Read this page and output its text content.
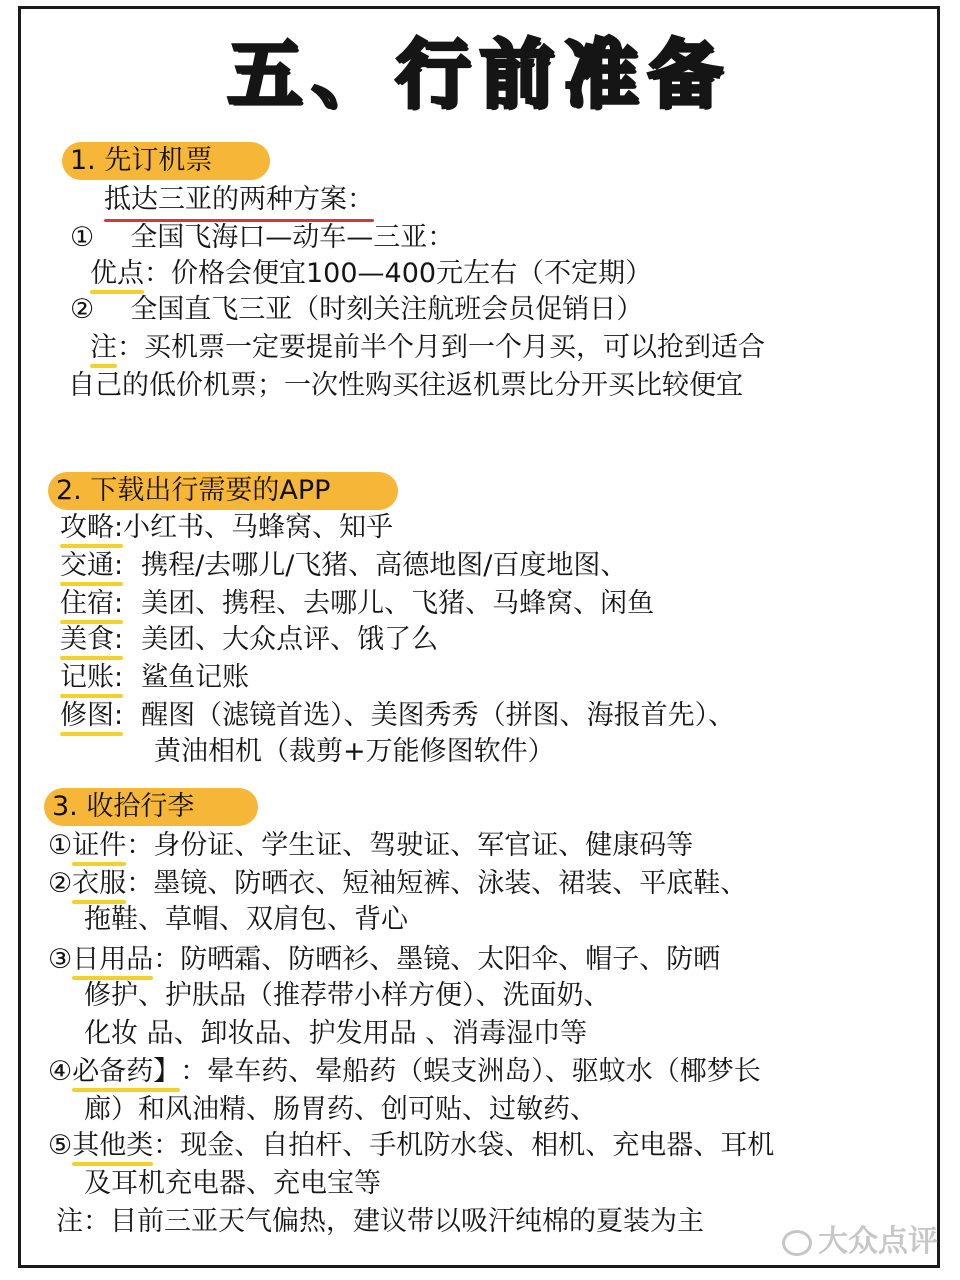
五、行前准备
1. 先订机票
抵达三亚的两种方案：
① 全国飞海口—动车—三亚：
优点：价格会便宜100—400元左右（不定期）
② 全国直飞三亚（时刻关注航班会员促销日）
注：买机票一定要提前半个月到一个月买，可以抢到适合
自己的低价机票；一次性购买往返机票比分开买比较便宜
2. 下载出行需要的APP
攻略:小红书、马蜂窝、知乎
交通: 携程/去哪儿/飞猪、高德地图/百度地图、
住宿: 美团、携程、去哪儿、飞猪、马蜂窝、闲鱼
美食: 美团、大众点评、饿了么
记账: 鲨鱼记账
修图: 醒图（滤镜首选）、美图秀秀（拼图、海报首先）、
黄油相机（裁剪+万能修图软件）
3. 收拾行李
①证件：身份证、学生证、驾驶证、军官证、健康码等
②衣服：墨镜、防晒衣、短袖短裤、泳装、裙装、平底鞋、
拖鞋、草帽、双肩包、背心
③日用品：防晒霜、防晒衫、墨镜、太阳伞、帽子、防晒
修护、护肤品（推荐带小样方便）、洗面奶、
化妆 品、卸妆品、护发用品 、消毒湿巾等
④必备药】：晕车药、晕船药（蜈支洲岛）、驱蚊水（椰梦长
廊）和风油精、肠胃药、创可贴、过敏药、
⑤其他类：现金、自拍杆、手机防水袋、相机、充电器、耳机
及耳机充电器、充电宝等
注：目前三亚天气偏热，建议带以吸汗纯棉的夏装为主
大众点评
